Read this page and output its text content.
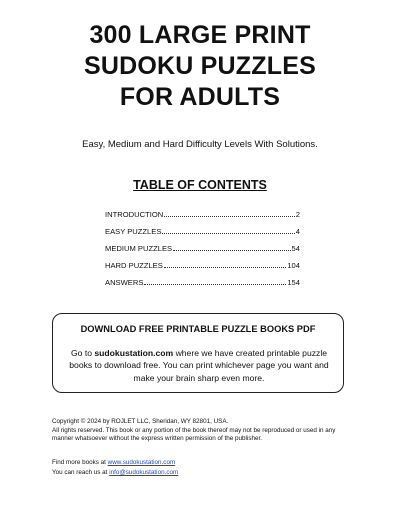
300 LARGE PRINT
SUDOKU PUZZLES
FOR ADULTS
Easy, Medium and Hard Difficulty Levels With Solutions.
TABLE OF CONTENTS
INTRODUCTION	2
EASY PUZZLES	4
MEDIUM PUZZLES	54
HARD PUZZLES	104
ANSWERS	154
DOWNLOAD FREE PRINTABLE PUZZLE BOOKS PDF
Go to sudokustation.com where we have created printable puzzle books to download free. You can print whichever page you want and make your brain sharp even more.
Copyright © 2024 by ROJLET LLC, Sheridan, WY 82801, USA.
All rights reserved. This book or any portion of the book thereof may not be reproduced or used in any manner whatsoever without the express written permission of the publisher.
Find more books at www.sudokustation.com
You can reach us at info@sudokustation.com
